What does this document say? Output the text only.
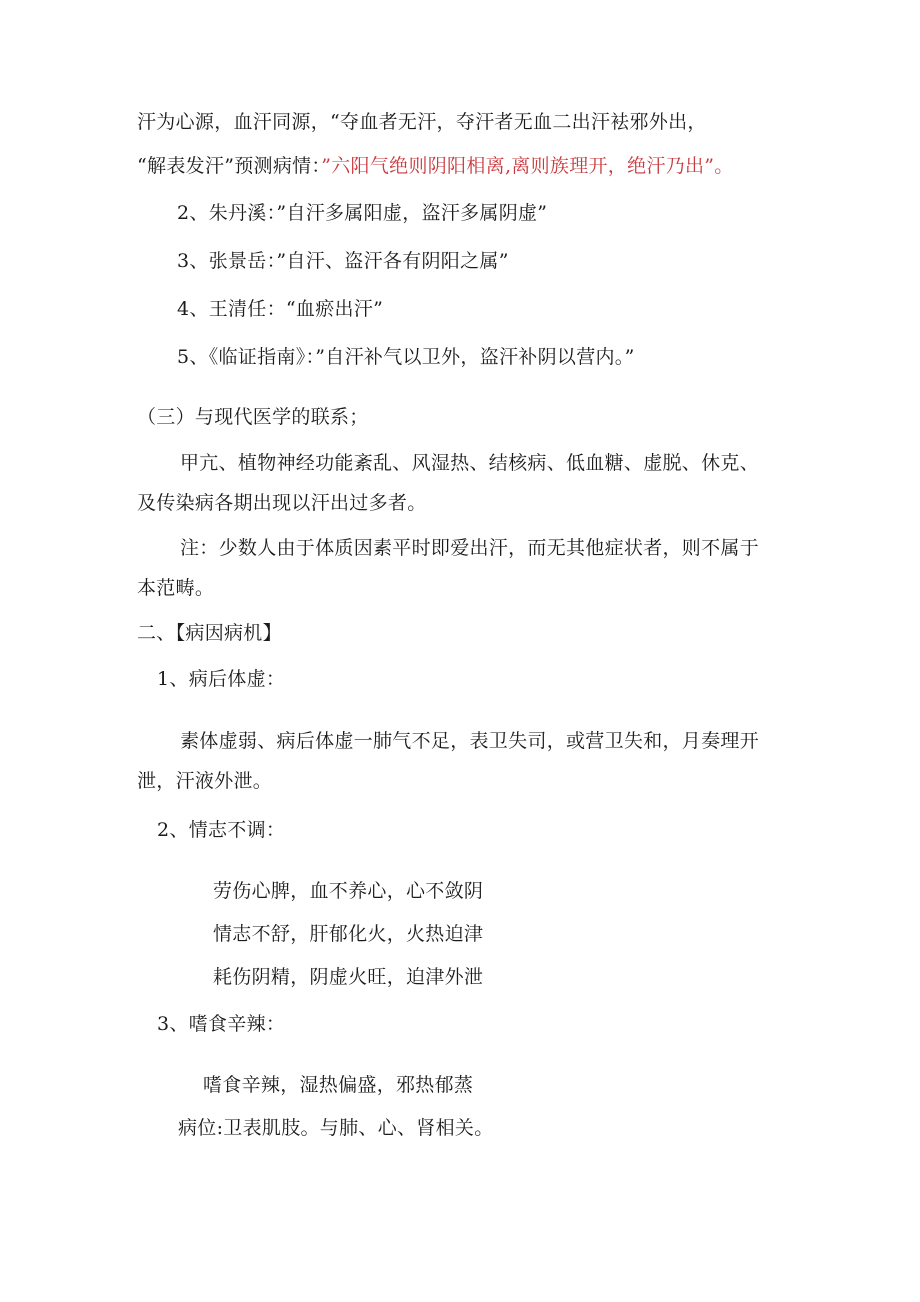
汗为心源，血汗同源，“夺血者无汗，夺汗者无血二出汗袪邪外出，
“解表发汗”预测病情：”六阳气绝则阴阳相离,离则族理开，绝汗乃出”。
2、朱丹溪：”自汗多属阳虚，盗汗多属阴虚”
3、张景岳：”自汗、盗汗各有阴阳之属”
4、王清任：“血瘀出汗”
5、《临证指南》：”自汗补气以卫外，盗汗补阴以营内。”
（三）与现代医学的联系；
甲亢、植物神经功能紊乱、风湿热、结核病、低血糖、虚脱、休克、
及传染病各期出现以汗出过多者。
注：少数人由于体质因素平时即爱出汗，而无其他症状者，则不属于
本范畴。
二、【病因病机】
1、病后体虚：
素体虚弱、病后体虚一肺气不足，表卫失司，或营卫失和，月奏理开
泄，汗液外泄。
2、情志不调：
劳伤心脾，血不养心，心不敛阴
情志不舒，肝郁化火，火热迫津
耗伤阴精，阴虚火旺，迫津外泄
3、嗜食辛辣：
嗜食辛辣，湿热偏盛，邪热郁蒸
病位:卫表肌肢。与肺、心、肾相关。
